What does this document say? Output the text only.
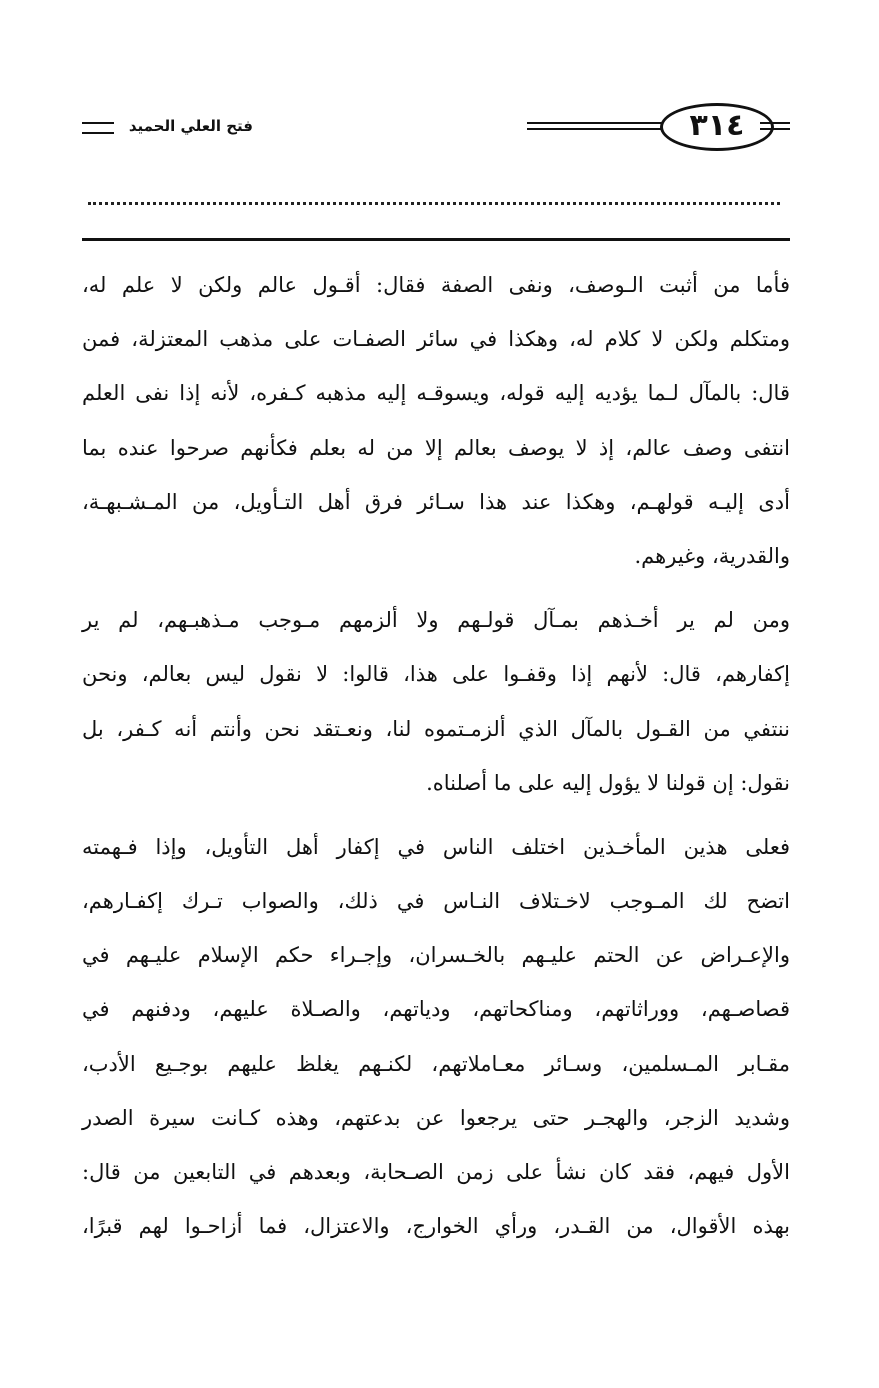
فتح العلي الحميد	٣١٤
فأما من أثبت الـوصف، ونفى الصفة فقال: أقـول عالم ولكن لا علم له،
ومتكلم ولكن لا كلام له، وهكذا في سائر الصفـات على مذهب المعتزلة، فمن
قال: بالمآل لـما يؤديه إليه قوله، ويسوقـه إليه مذهبه كـفره، لأنه إذا نفى العلم
انتفى وصف عالم، إذ لا يوصف بعالم إلا من له بعلم فكأنهم صرحوا عنده بما
أدى إليـه قولهـم، وهكذا عند هذا سـائر فرق أهل التـأويل، من المـشـبهـة،
والقدرية، وغيرهم.
ومن لم ير أخـذهم بمـآل قولـهم ولا ألزمهم مـوجب مـذهبـهم، لم ير
إكفارهم، قال: لأنهم إذا وقفـوا على هذا، قالوا: لا نقول ليس بعالم، ونحن
ننتفي من القـول بالمآل الذي ألزمـتموه لنا، ونعـتقد نحن وأنتم أنه كـفر، بل
نقول: إن قولنا لا يؤول إليه على ما أصلناه.
فعلى هذين المأخـذين اختلف الناس في إكفار أهل التأويل، وإذا فـهمته
اتضح لك المـوجب لاخـتلاف النـاس في ذلك، والصواب تـرك إكفـارهم،
والإعـراض عن الحتم عليـهم بالخـسران، وإجـراء حكم الإسلام عليـهم في
قصاصـهم، ووراثاتهم، ومناكحاتهم، ودياتهم، والصـلاة عليهم، ودفنهم في
مقـابر المـسلمين، وسـائر معـاملاتهم، لكنـهم يغلظ عليهم بوجـيع الأدب،
وشديد الزجر، والهجـر حتى يرجعوا عن بدعتهم، وهذه كـانت سيرة الصدر
الأول فيهم، فقد كان نشأ على زمن الصـحابة، وبعدهم في التابعين من قال:
بهذه الأقوال، من القـدر، ورأي الخوارج، والاعتزال، فما أزاحـوا لهم قبرًا،
